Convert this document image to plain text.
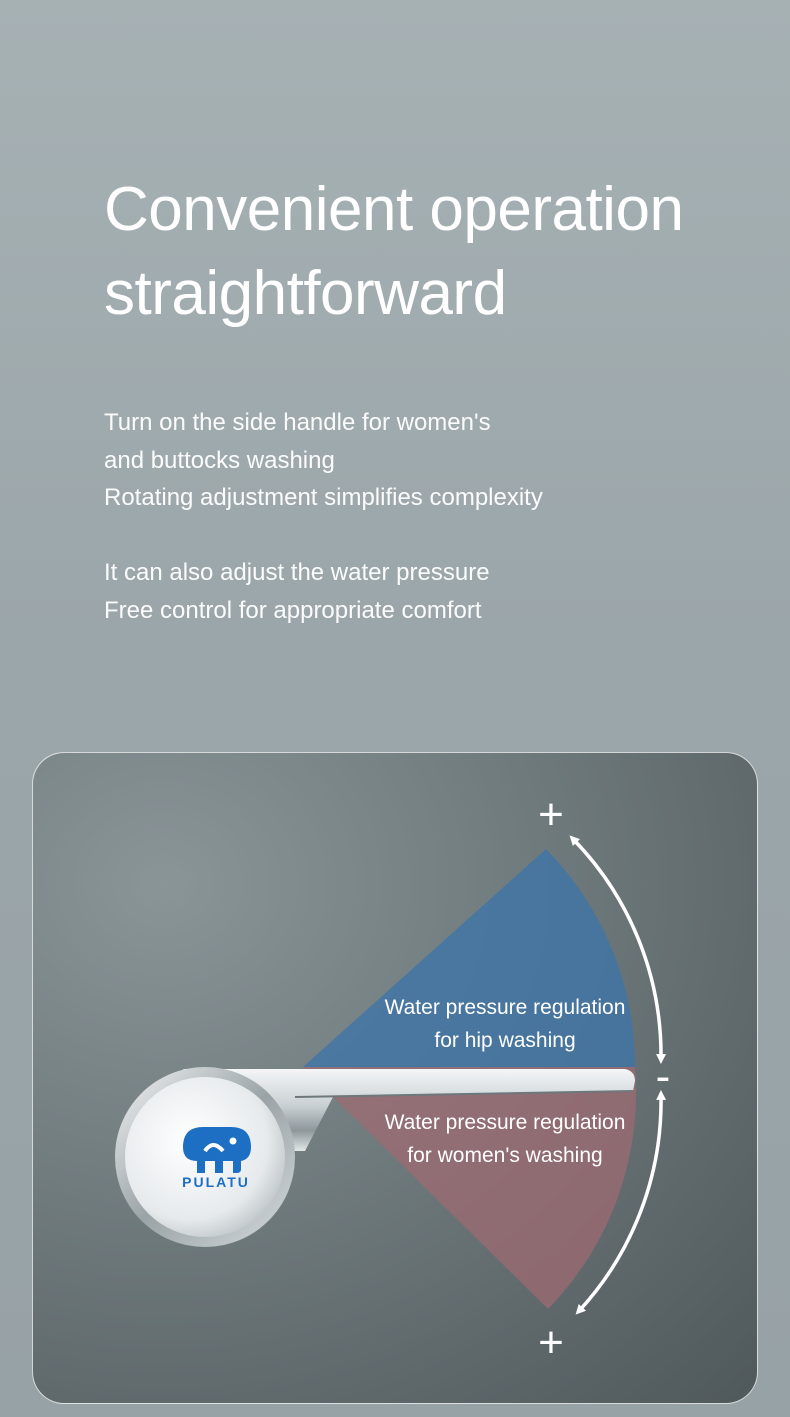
Convenient operation
straightforward

Turn on the side handle for women's

and buttocks washing

Rotating adjustment simplifies complexity

It can also adjust the water pressure

Free control for appropriate comfort

PULATU
Water pressure regulation
for hip washing
Water pressure regulation
for women's washing
+
-
+
